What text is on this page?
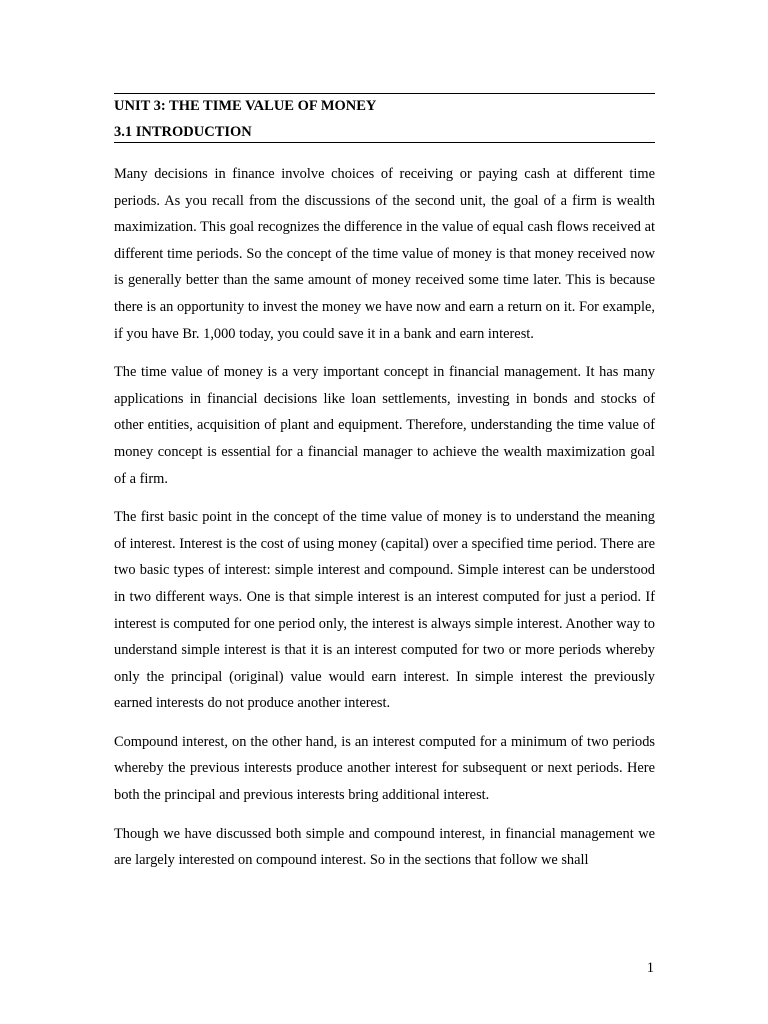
UNIT 3: THE TIME VALUE OF MONEY
3.1 INTRODUCTION

Many decisions in finance involve choices of receiving or paying cash at different time periods. As you recall from the discussions of the second unit, the goal of a firm is wealth maximization. This goal recognizes the difference in the value of equal cash flows received at different time periods. So the concept of the time value of money is that money received now is generally better than the same amount of money received some time later. This is because there is an opportunity to invest the money we have now and earn a return on it. For example, if you have Br. 1,000 today, you could save it in a bank and earn interest.

The time value of money is a very important concept in financial management. It has many applications in financial decisions like loan settlements, investing in bonds and stocks of other entities, acquisition of plant and equipment. Therefore, understanding the time value of money concept is essential for a financial manager to achieve the wealth maximization goal of a firm.

The first basic point in the concept of the time value of money is to understand the meaning of interest. Interest is the cost of using money (capital) over a specified time period. There are two basic types of interest: simple interest and compound. Simple interest can be understood in two different ways. One is that simple interest is an interest computed for just a period. If interest is computed for one period only, the interest is always simple interest. Another way to understand simple interest is that it is an interest computed for two or more periods whereby only the principal (original) value would earn interest. In simple interest the previously earned interests do not produce another interest.

Compound interest, on the other hand, is an interest computed for a minimum of two periods whereby the previous interests produce another interest for subsequent or next periods. Here both the principal and previous interests bring additional interest.

Though we have discussed both simple and compound interest, in financial management we are largely interested on compound interest. So in the sections that follow we shall

1
